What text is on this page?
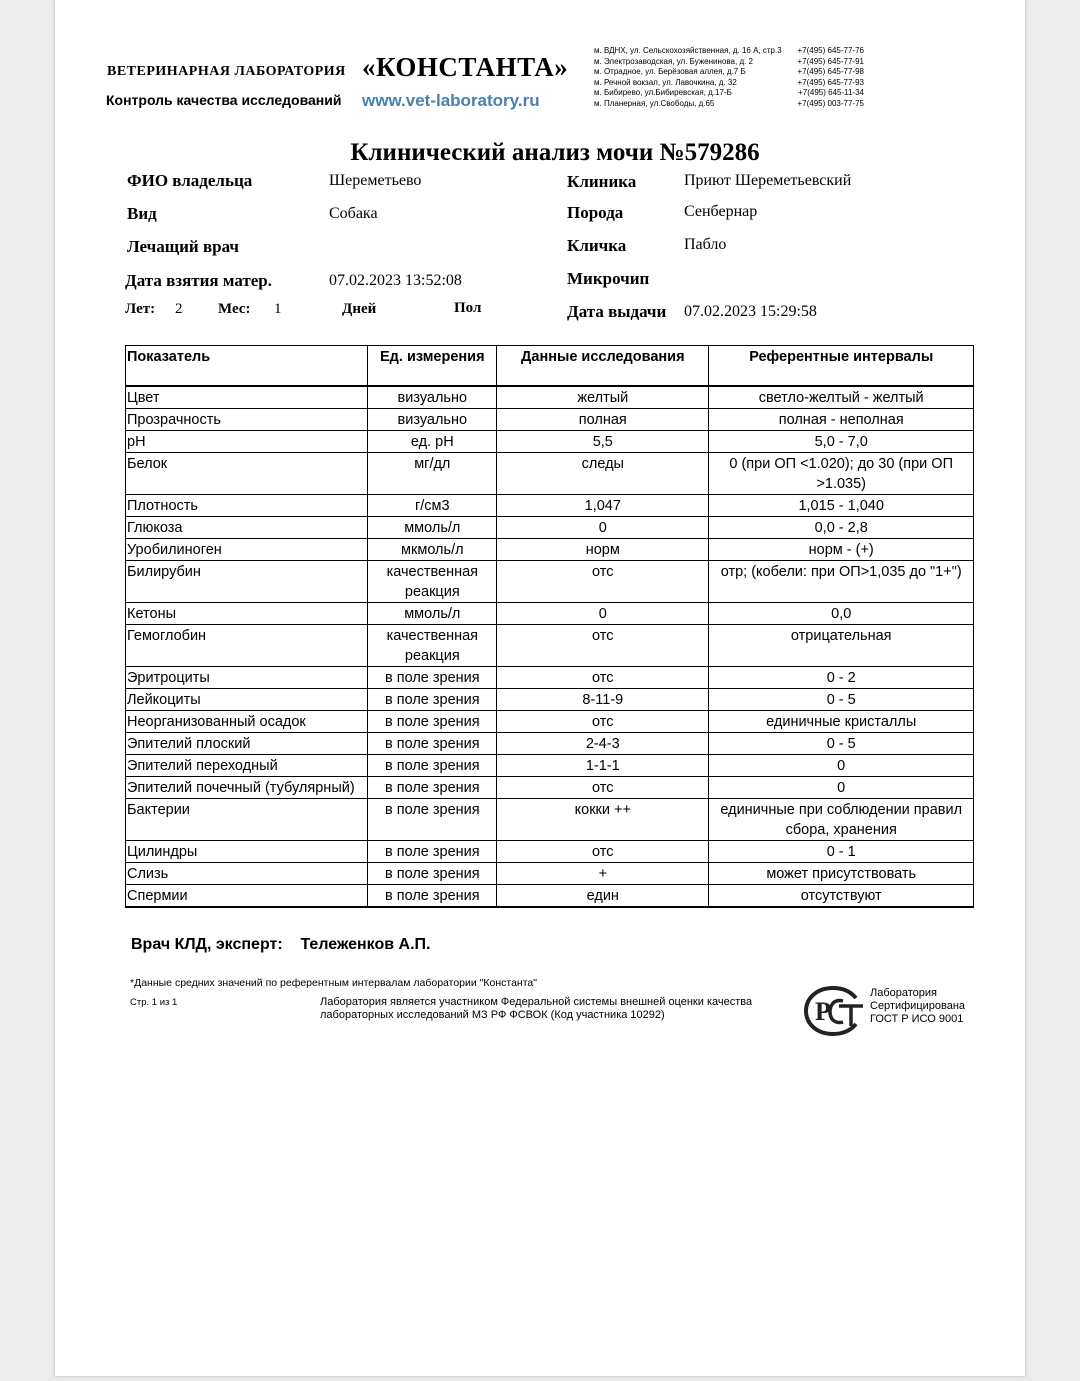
ВЕТЕРИНАРНАЯ ЛАБОРАТОРИЯ «КОНСТАНТА»
Контроль качества исследований www.vet-laboratory.ru
м. ВДНХ, ул. Сельскохозяйственная, д. 16 А, стр.3 +7(495) 645-77-76
м. Электрозаводская, ул. Буженинова, д. 2	+7(495) 645-77-91
м. Отрадное, ул. Берёзовая аллея, д.7 Б	+7(495) 645-77-98
м. Речной вокзал, ул. Лавочкина, д. 32	+7(495) 645-77-93
м. Бибирево, ул.Бибиревская, д.17-Б	+7(495) 645-11-34
м. Планерная, ул.Свободы, д.65	+7(495) 003-77-75
Клинический анализ мочи №579286
ФИО владельца	Шереметьево
Вид	Собака
Лечащий врач
Дата взятия матер.	07.02.2023 13:52:08
Лет: 2 Мес: 1	Дней	Пол
Клиника	Приют Шереметьевский
Порода	Сенбернар
Кличка	Пабло
Микрочип
Дата выдачи 07.02.2023 15:29:58
Показатель	Ед. измерения	Данные исследования	Референтные интервалы
Цвет	визуально	желтый	светло-желтый - желтый
Прозрачность	визуально	полная	полная - неполная
pH	ед. pH	5,5	5,0 - 7,0
Белок	мг/дл	следы	0 (при ОП <1.020); до 30 (при ОП >1.035)
Плотность	г/см3	1,047	1,015 - 1,040
Глюкоза	ммоль/л	0	0,0 - 2,8
Уробилиноген	мкмоль/л	норм	норм - (+)
Билирубин	качественная реакция	отс	отр; (кобели: при ОП>1,035 до "1+")
Кетоны	ммоль/л	0	0,0
Гемоглобин	качественная реакция	отс	отрицательная
Эритроциты	в поле зрения	отс	0 - 2
Лейкоциты	в поле зрения	8-11-9	0 - 5
Неорганизованный осадок	в поле зрения	отс	единичные кристаллы
Эпителий плоский	в поле зрения	2-4-3	0 - 5
Эпителий переходный	в поле зрения	1-1-1	0
Эпителий почечный (тубулярный)	в поле зрения	отс	0
Бактерии	в поле зрения	кокки ++	единичные при соблюдении правил сбора, хранения
Цилиндры	в поле зрения	отс	0 - 1
Слизь	в поле зрения	+	может присутствовать
Спермии	в поле зрения	един	отсутствуют
Врач КЛД, эксперт: Тележенков А.П.
*Данные средних значений по референтным интервалам лаборатории "Константа"
Стр. 1 из 1	Лаборатория является участником Федеральной системы внешней оценки качества лабораторных исследований МЗ РФ ФСВОК (Код участника 10292)	Р
Лаборатория
Сертифицирована
ГОСТ Р ИСО 9001
